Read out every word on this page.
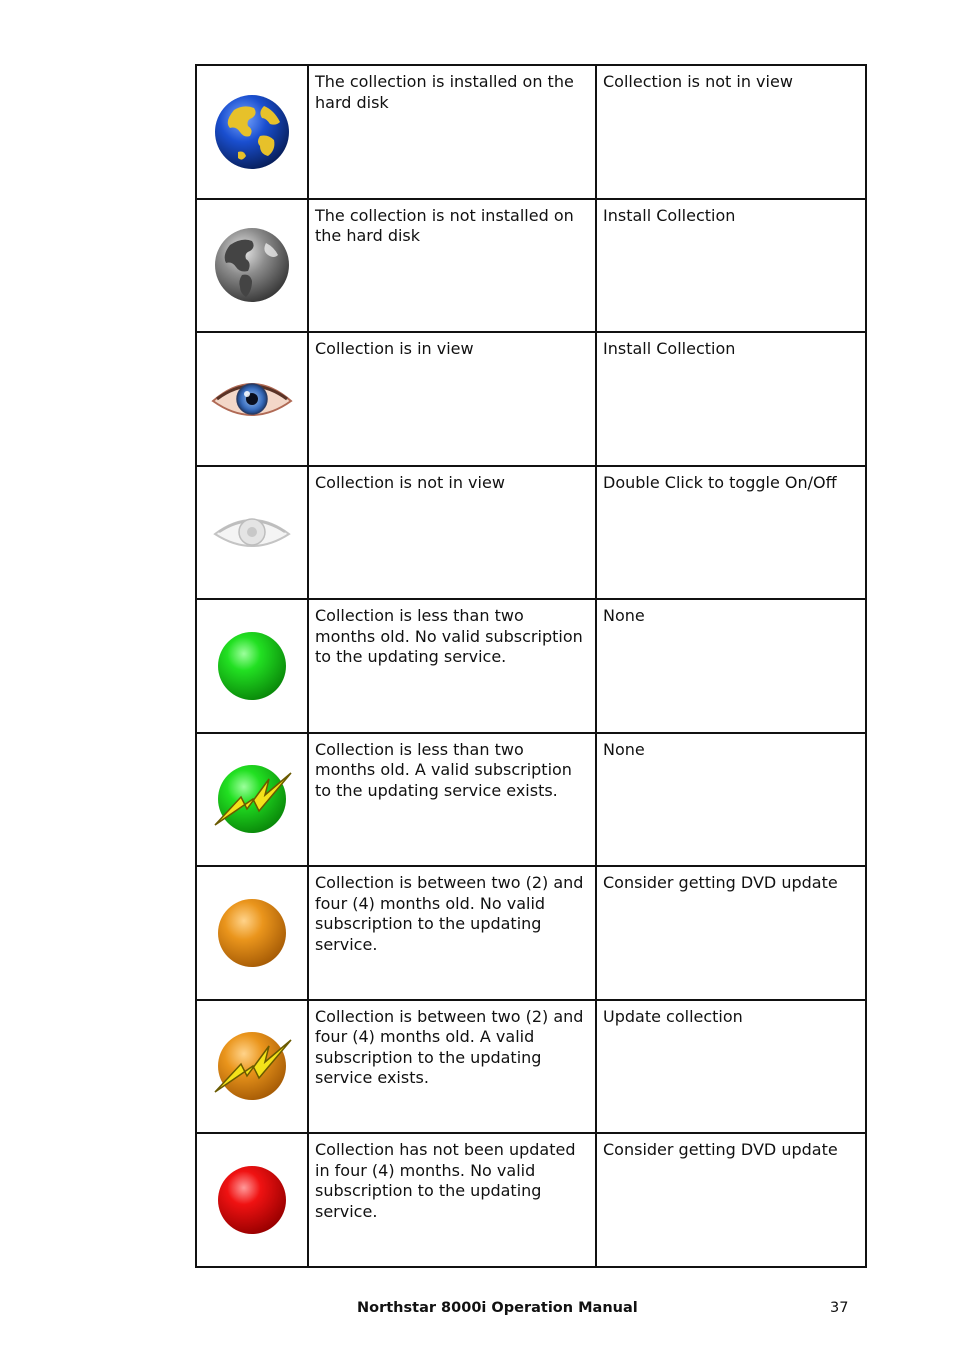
The collection is installed on the hard disk	Collection is not in view

The collection is not installed on the hard disk	Install Collection

Collection is in view	Install Collection

Collection is not in view	Double Click to toggle On/Off

Collection is less than two months old. No valid subscription to the updating service.	None

Collection is less than two months old. A valid subscription to the updating service exists.	None

Collection is between two (2) and four (4) months old. No valid subscription to the updating service.	Consider getting DVD update

Collection is between two (2) and four (4) months old. A valid subscription to the updating service exists.	Update collection

Collection has not been updated in four (4) months. No valid subscription to the updating service.	Consider getting DVD update
Northstar 8000i Operation Manual	37
